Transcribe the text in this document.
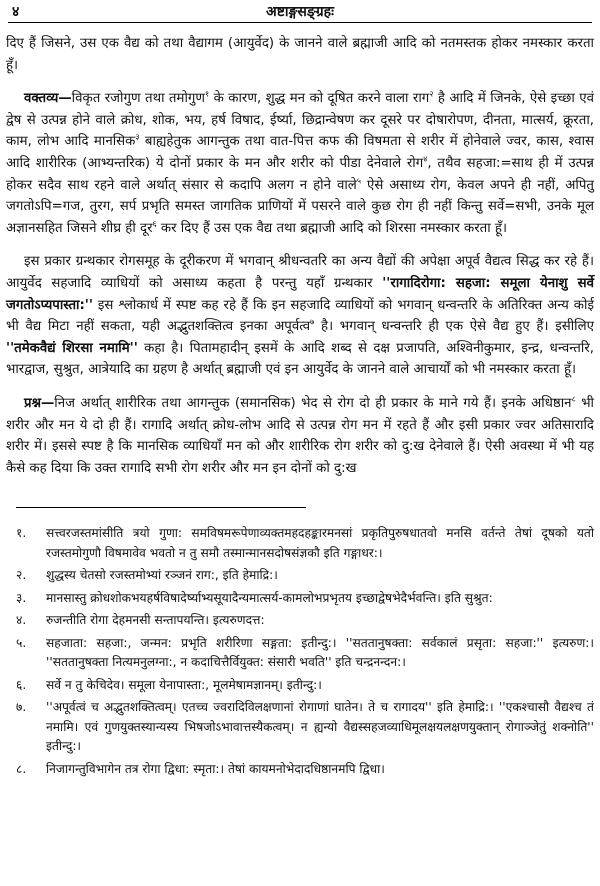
४	अष्टाङ्गसङ्ग्रहः

दिए हैं जिसने, उस एक वैद्य को तथा वैद्यागम (आयुर्वेद) के जानने वाले ब्रह्माजी आदि को नतमस्तक होकर नमस्कार करता हूँ।

वक्तव्य—विकृत रजोगुण तथा तमोगुण$^१$ के कारण, शुद्ध मन को दूषित करने वाला राग$^२$ है आदि में जिनके, ऐसे इच्छा एवं द्वेष से उत्पन्न होने वाले क्रोध, शोक, भय, हर्ष विषाद, ईर्ष्या, छिद्रान्वेषण कर दूसरे पर दोषारोपण, दीनता, मात्सर्य, क्रूरता, काम, लोभ आदि मानसिक$^३$ बाह्यहेतुक आगन्तुक तथा वात-पित्त कफ की विषमता से शरीर में होनेवाले ज्वर, कास, श्वास आदि शारीरिक (आभ्यन्तरिक) ये दोनों प्रकार के मन और शरीर को पीडा देनेवाले रोग$^४$, तथैव सहजा:=साथ ही में उत्पन्न होकर सदैव साथ रहने वाले अर्थात् संसार से कदापि अलग न होने वाले$^५$ ऐसे असाध्य रोग, केवल अपने ही नहीं, अपितु जगतोऽपि=गज, तुरग, सर्प प्रभृति समस्त जागतिक प्राणियों में पसरने वाले कुछ रोग ही नहीं किन्तु सर्वे=सभी, उनके मूल अज्ञानसहित जिसने शीघ्र ही दूर$^६$ कर दिए हैं उस एक वैद्य तथा ब्रह्माजी आदि को शिरसा नमस्कार करता हूँ।

इस प्रकार ग्रन्थकार रोगसमूह के दूरीकरण में भगवान् श्रीधन्वतरि का अन्य वैद्यों की अपेक्षा अपूर्व वैद्यत्व सिद्ध कर रहे हैं। आयुर्वेद सहजादि व्याधियों को असाध्य कहता है परन्तु यहाँ ग्रन्थकार ''रागादिरोगा: सहजा: समूला येनाशु सर्वे जगतोऽप्यपास्ता:'' इस श्लोकार्ध में स्पष्ट कह रहे हैं कि इन सहजादि व्याधियों को भगवान् धन्वन्तरि के अतिरिक्त अन्य कोई भी वैद्य मिटा नहीं सकता, यही अद्भुतशक्तित्व इनका अपूर्वत्व$^७$ है। भगवान् धन्वन्तरि ही एक ऐसे वैद्य हुए हैं। इसीलिए ''तमेकवैद्यं शिरसा नमामि'' कहा है। पितामहादीन् इसमें के आदि शब्द से दक्ष प्रजापति, अश्विनीकुमार, इन्द्र, धन्वन्तरि, भारद्वाज, सुश्रुत, आत्रेयादि का ग्रहण है अर्थात् ब्रह्माजी एवं इन आयुर्वेद के जानने वाले आचार्यों को भी नमस्कार करता हूँ।

प्रश्न—निज अर्थात् शारीरिक तथा आगन्तुक (समानसिक) भेद से रोग दो ही प्रकार के माने गये हैं। इनके अधिष्ठान$^८$ भी शरीर और मन ये दो ही हैं। रागादि अर्थात् क्रोध-लोभ आदि से उत्पन्न रोग मन में रहते हैं और इसी प्रकार ज्वर अतिसारादि शरीर में। इससे स्पष्ट है कि मानसिक व्याधियाँ मन को और शारीरिक रोग शरीर को दु:ख देनेवाले हैं। ऐसी अवस्था में भी यह कैसे कह दिया कि उक्त रागादि सभी रोग शरीर और मन इन दोनों को दु:ख

१.	सत्त्वरजस्तमांसीति त्रयो गुणा: समविषमरूपेणाव्यक्तमहदहङ्कारमनसां प्रकृतिपुरुषधातवो मनसि वर्तन्ते तेषां दूषको यतो रजस्तमोगुणौ विषमावेव भवतो न तु समौ तस्मान्मानसदोषसंज्ञकौ इति गङ्गाधर:।
२.	शुद्धस्य चेतसो रजस्तमोभ्यां रञ्जनं राग:, इति हेमाद्रि:।
३.	मानसास्तु क्रोधशोकभयहर्षविषादेर्ष्याभ्यसूयादैन्यमात्सर्य-कामलोभप्रभृतय इच्छाद्वेषभेदैर्भवन्ति। इति सुश्रुत:
४.	रुजन्तीति रोगा देहमनसी सन्तापयन्ति। इत्यरुणदत्त:
५.	सहजाता: सहजा:, जन्मन: प्रभृति शरीरिणा सङ्गता: इतीन्दु:। ''सततानुषक्ता: सर्वकालं प्रसृता: सहजा:'' इत्यरुण:। ''सततानुषक्ता नित्यमनुलग्ना:, न कदाचित्तैर्वियुक्त: संसारी भवति'' इति चन्द्रनन्दन:।
६.	सर्वे न तु केचिदेव। समूला येनापास्ता:, मूलमेषामज्ञानम्। इतीन्दु:।
७.	''अपूर्वत्वं च अद्भुतशक्तित्वम्। एतच्च ज्वरादिविलक्षणानां रोगाणां घातेन। ते च रागादय'' इति हेमाद्रि:। ''एकश्चासौ वैद्यश्च तं नमामि। एवं गुणयुक्तस्यान्यस्य भिषजोऽभावात्तस्यैकत्वम्। न ह्यन्यो वैद्यस्सहजव्याधिमूलक्षयलक्षणयुक्तान् रोगाञ्जेतुं शक्नोति'' इतीन्दु:।
८.	निजागन्तुविभागेन तत्र रोगा द्विधा: स्मृता:। तेषां कायमनोभेदादधिष्ठानमपि द्विधा।
